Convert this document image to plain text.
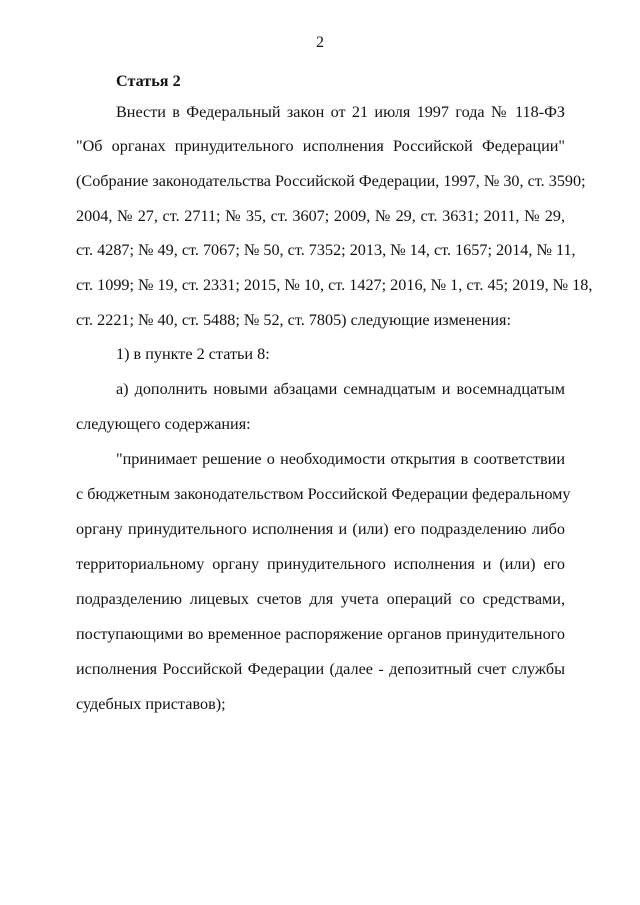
2
Статья 2
Внести в Федеральный закон от 21 июля 1997 года № 118-ФЗ
"Об органах принудительного исполнения Российской Федерации"
(Собрание законодательства Российской Федерации, 1997, № 30, ст. 3590;
2004, № 27, ст. 2711; № 35, ст. 3607; 2009, № 29, ст. 3631; 2011, № 29,
ст. 4287; № 49, ст. 7067; № 50, ст. 7352; 2013, № 14, ст. 1657; 2014, № 11,
ст. 1099; № 19, ст. 2331; 2015, № 10, ст. 1427; 2016, № 1, ст. 45; 2019, № 18,
ст. 2221; № 40, ст. 5488; № 52, ст. 7805) следующие изменения:
1) в пункте 2 статьи 8:
а) дополнить новыми абзацами семнадцатым и восемнадцатым
следующего содержания:
"принимает решение о необходимости открытия в соответствии
с бюджетным законодательством Российской Федерации федеральному
органу принудительного исполнения и (или) его подразделению либо
территориальному органу принудительного исполнения и (или) его
подразделению лицевых счетов для учета операций со средствами,
поступающими во временное распоряжение органов принудительного
исполнения Российской Федерации (далее - депозитный счет службы
судебных приставов);
